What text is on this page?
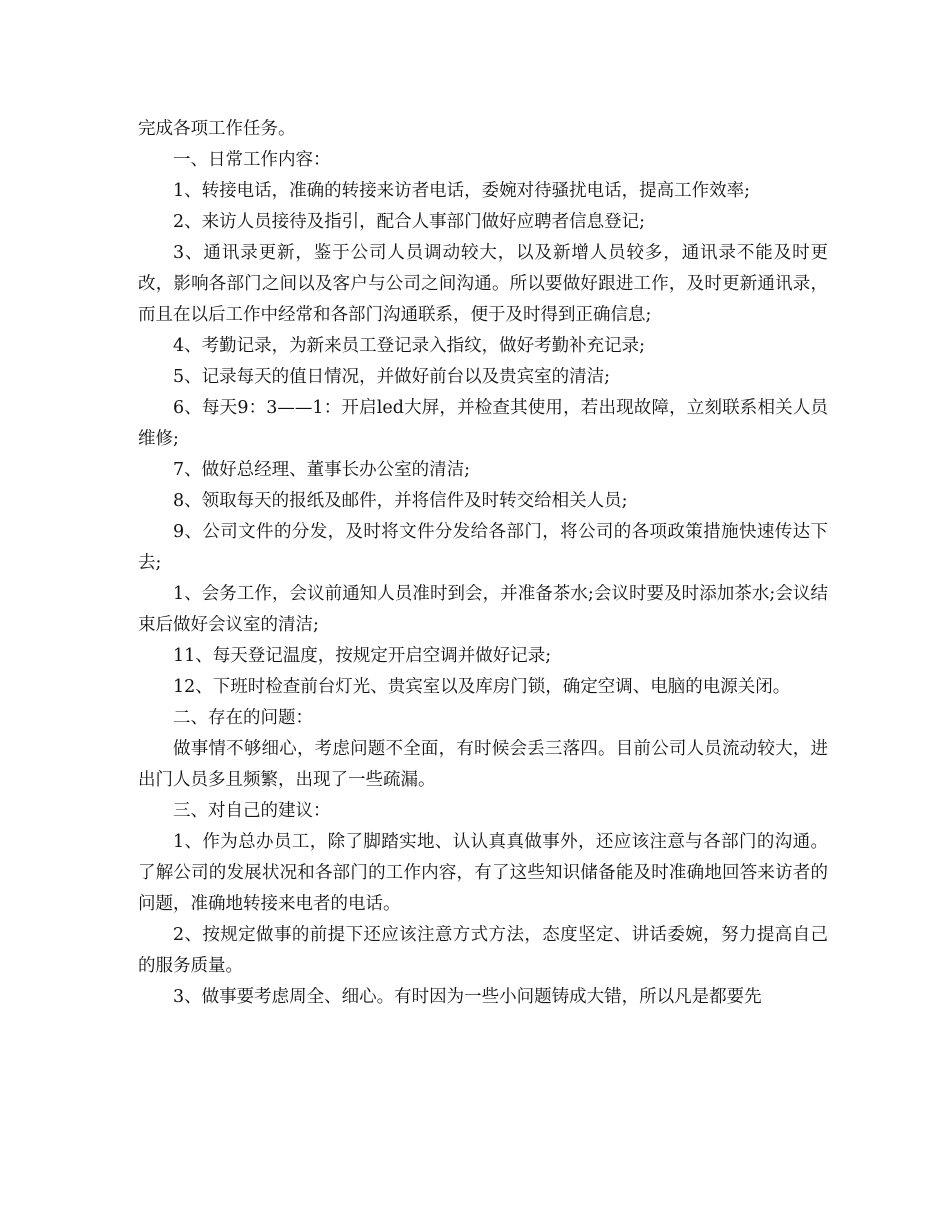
完成各项工作任务。

一、日常工作内容：

1、转接电话，准确的转接来访者电话，委婉对待骚扰电话，提高工作效率;

2、来访人员接待及指引，配合人事部门做好应聘者信息登记;

3、通讯录更新，鉴于公司人员调动较大，以及新增人员较多，通讯录不能及时更改，影响各部门之间以及客户与公司之间沟通。所以要做好跟进工作，及时更新通讯录，而且在以后工作中经常和各部门沟通联系，便于及时得到正确信息;

4、考勤记录，为新来员工登记录入指纹，做好考勤补充记录;

5、记录每天的值日情况，并做好前台以及贵宾室的清洁;

6、每天9：3——1：开启led大屏，并检查其使用，若出现故障，立刻联系相关人员维修;

7、做好总经理、董事长办公室的清洁;

8、领取每天的报纸及邮件，并将信件及时转交给相关人员;

9、公司文件的分发，及时将文件分发给各部门，将公司的各项政策措施快速传达下去;

1、会务工作，会议前通知人员准时到会，并准备茶水;会议时要及时添加茶水;会议结束后做好会议室的清洁;

11、每天登记温度，按规定开启空调并做好记录;

12、下班时检查前台灯光、贵宾室以及库房门锁，确定空调、电脑的电源关闭。

二、存在的问题：

做事情不够细心，考虑问题不全面，有时候会丢三落四。目前公司人员流动较大，进出门人员多且频繁，出现了一些疏漏。

三、对自己的建议：

1、作为总办员工，除了脚踏实地、认认真真做事外，还应该注意与各部门的沟通。了解公司的发展状况和各部门的工作内容，有了这些知识储备能及时准确地回答来访者的问题，准确地转接来电者的电话。

2、按规定做事的前提下还应该注意方式方法，态度坚定、讲话委婉，努力提高自己的服务质量。

3、做事要考虑周全、细心。有时因为一些小问题铸成大错，所以凡是都要先
